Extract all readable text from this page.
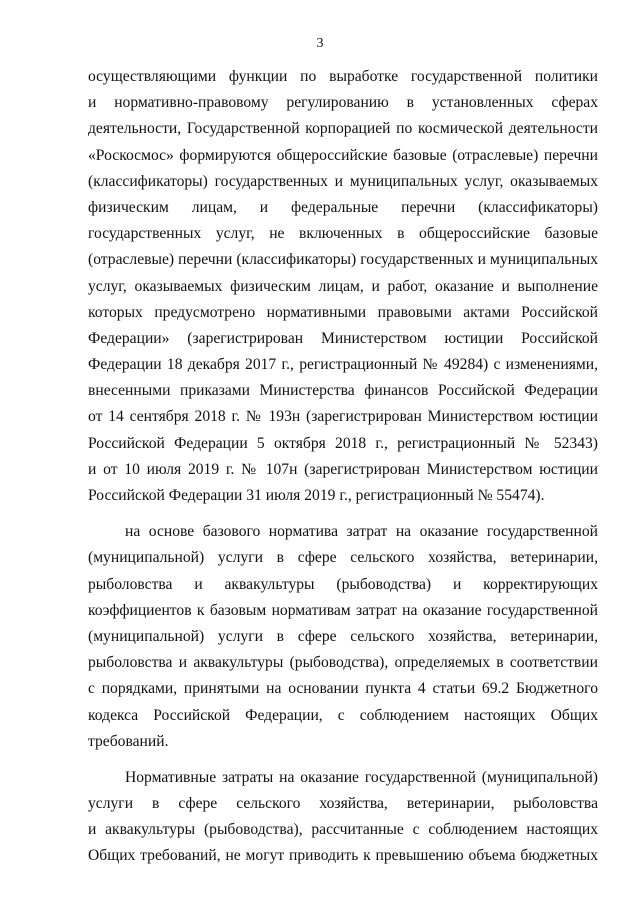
3
осуществляющими функции по выработке государственной политики
и нормативно-правовому регулированию в установленных сферах
деятельности, Государственной корпорацией по космической деятельности
«Роскосмос» формируются общероссийские базовые (отраслевые) перечни
(классификаторы) государственных и муниципальных услуг, оказываемых
физическим лицам, и федеральные перечни (классификаторы)
государственных услуг, не включенных в общероссийские базовые
(отраслевые) перечни (классификаторы) государственных и муниципальных
услуг, оказываемых физическим лицам, и работ, оказание и выполнение
которых предусмотрено нормативными правовыми актами Российской
Федерации» (зарегистрирован Министерством юстиции Российской
Федерации 18 декабря 2017 г., регистрационный № 49284) с изменениями,
внесенными приказами Министерства финансов Российской Федерации
от 14 сентября 2018 г. № 193н (зарегистрирован Министерством юстиции
Российской Федерации 5 октября 2018 г., регистрационный № 52343)
и от 10 июля 2019 г. № 107н (зарегистрирован Министерством юстиции
Российской Федерации 31 июля 2019 г., регистрационный № 55474).
на основе базового норматива затрат на оказание государственной
(муниципальной) услуги в сфере сельского хозяйства, ветеринарии,
рыболовства и аквакультуры (рыбоводства) и корректирующих
коэффициентов к базовым нормативам затрат на оказание государственной
(муниципальной) услуги в сфере сельского хозяйства, ветеринарии,
рыболовства и аквакультуры (рыбоводства), определяемых в соответствии
с порядками, принятыми на основании пункта 4 статьи 69.2 Бюджетного
кодекса Российской Федерации, с соблюдением настоящих Общих
требований.
Нормативные затраты на оказание государственной (муниципальной)
услуги в сфере сельского хозяйства, ветеринарии, рыболовства
и аквакультуры (рыбоводства), рассчитанные с соблюдением настоящих
Общих требований, не могут приводить к превышению объема бюджетных
